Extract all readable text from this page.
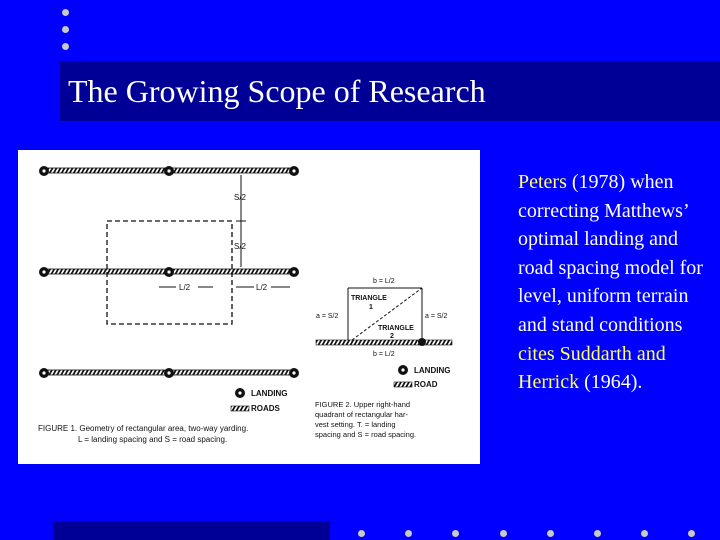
The Growing Scope of Research
S/2
S/2
L/2	L/2
LANDING
ROADS
FIGURE 1. Geometry of rectangular area, two-way yarding.
L = landing spacing and S = road spacing.
b = L/2
TRIANGLE
1
TRIANGLE
2
a = S/2	a = S/2
b = L/2
LANDING
ROAD
FIGURE 2. Upper right-hand
quadrant of rectangular har-
vest setting. T. = landing
spacing and S = road spacing.
Peters (1978) when correcting Matthews’ optimal landing and road spacing model for level, uniform terrain and stand conditions cites Suddarth and Herrick (1964).
